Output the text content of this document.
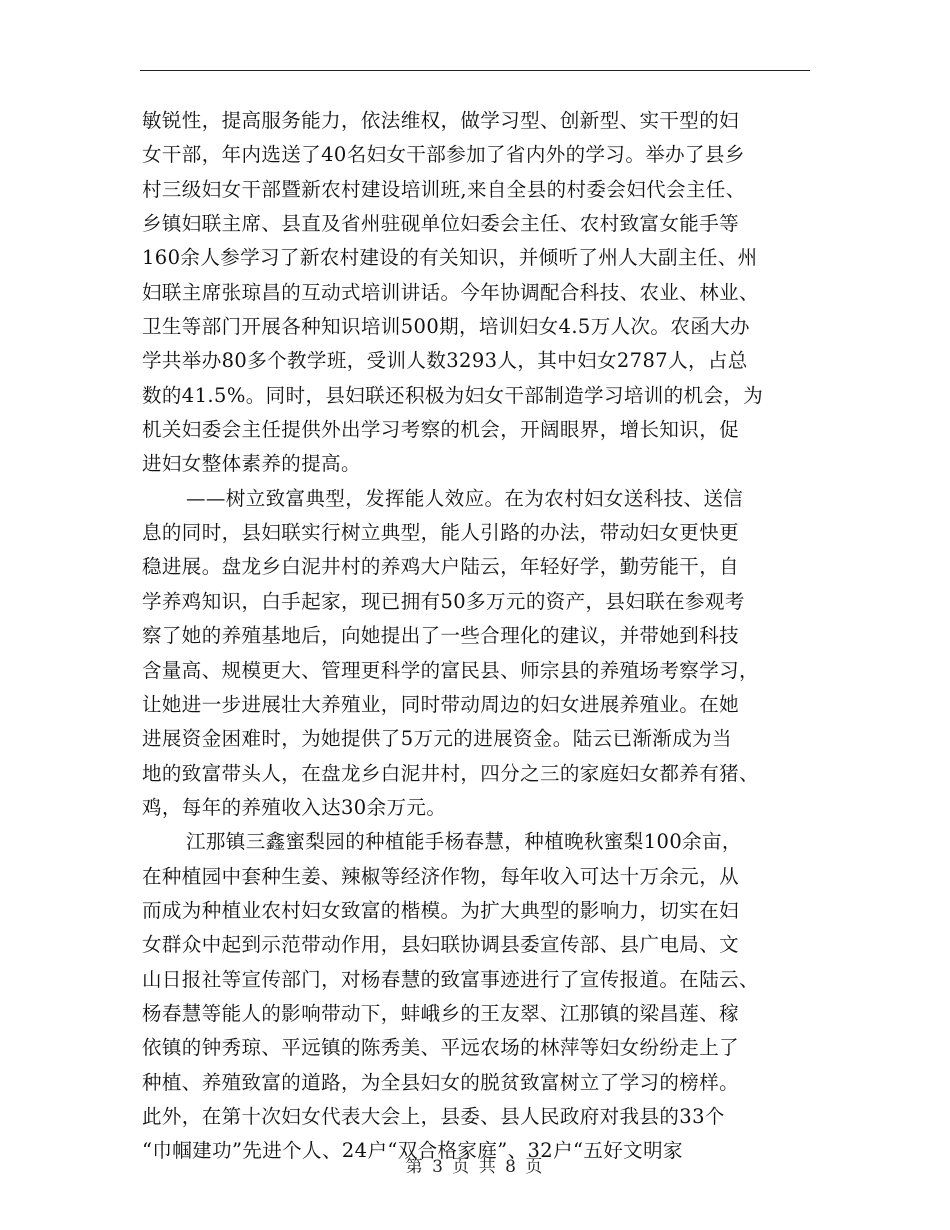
敏锐性，提高服务能力，依法维权，做学习型、创新型、实干型的妇
女干部，年内选送了40名妇女干部参加了省内外的学习。举办了县乡
村三级妇女干部暨新农村建设培训班,来自全县的村委会妇代会主任、
乡镇妇联主席、县直及省州驻砚单位妇委会主任、农村致富女能手等
160余人参学习了新农村建设的有关知识，并倾听了州人大副主任、州
妇联主席张琼昌的互动式培训讲话。今年协调配合科技、农业、林业、
卫生等部门开展各种知识培训500期，培训妇女4.5万人次。农函大办
学共举办80多个教学班，受训人数3293人，其中妇女2787人，占总
数的41.5%。同时，县妇联还积极为妇女干部制造学习培训的机会，为
机关妇委会主任提供外出学习考察的机会，开阔眼界，增长知识，促
进妇女整体素养的提高。
——树立致富典型，发挥能人效应。在为农村妇女送科技、送信
息的同时，县妇联实行树立典型，能人引路的办法，带动妇女更快更
稳进展。盘龙乡白泥井村的养鸡大户陆云，年轻好学，勤劳能干，自
学养鸡知识，白手起家，现已拥有50多万元的资产，县妇联在参观考
察了她的养殖基地后，向她提出了一些合理化的建议，并带她到科技
含量高、规模更大、管理更科学的富民县、师宗县的养殖场考察学习，
让她进一步进展壮大养殖业，同时带动周边的妇女进展养殖业。在她
进展资金困难时，为她提供了5万元的进展资金。陆云已渐渐成为当
地的致富带头人，在盘龙乡白泥井村，四分之三的家庭妇女都养有猪、
鸡，每年的养殖收入达30余万元。
江那镇三鑫蜜梨园的种植能手杨春慧，种植晚秋蜜梨100余亩，
在种植园中套种生姜、辣椒等经济作物，每年收入可达十万余元，从
而成为种植业农村妇女致富的楷模。为扩大典型的影响力，切实在妇
女群众中起到示范带动作用，县妇联协调县委宣传部、县广电局、文
山日报社等宣传部门，对杨春慧的致富事迹进行了宣传报道。在陆云、
杨春慧等能人的影响带动下，蚌峨乡的王友翠、江那镇的梁昌莲、稼
依镇的钟秀琼、平远镇的陈秀美、平远农场的林萍等妇女纷纷走上了
种植、养殖致富的道路，为全县妇女的脱贫致富树立了学习的榜样。
此外，在第十次妇女代表大会上，县委、县人民政府对我县的33个
“巾帼建功”先进个人、24户“双合格家庭”、32户“五好文明家
第 3 页 共 8 页
